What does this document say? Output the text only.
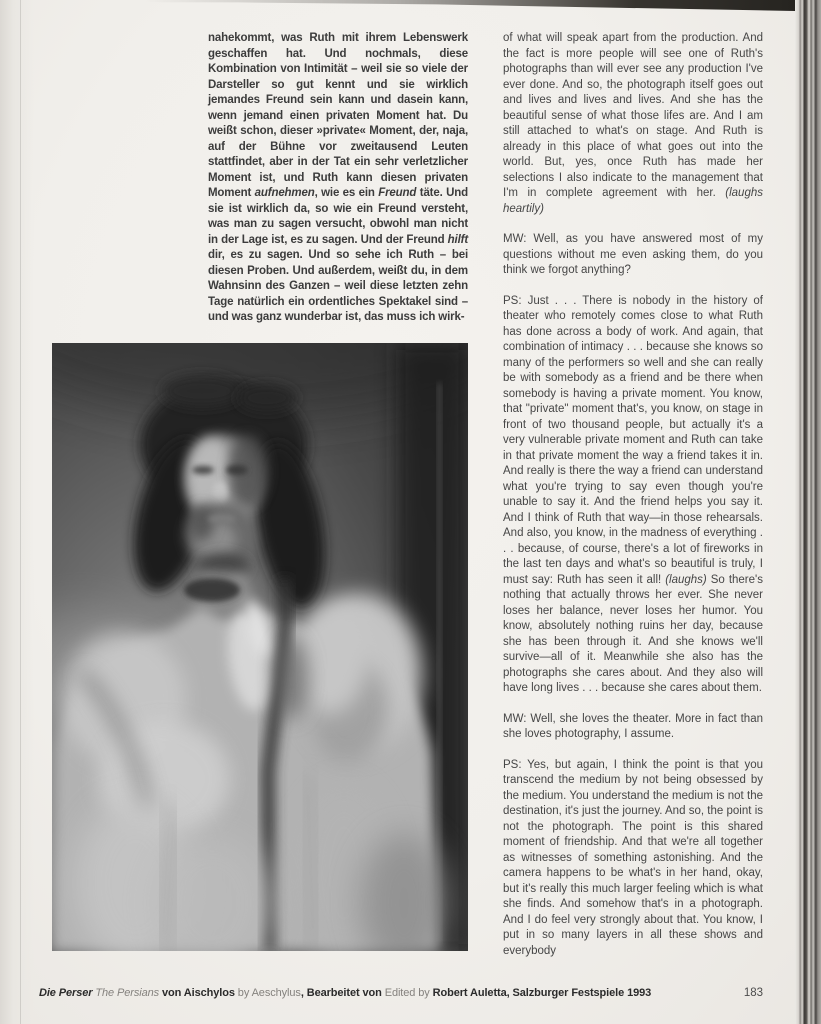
nahekommt, was Ruth mit ihrem Lebenswerk geschaffen hat. Und nochmals, diese Kombination von Intimität – weil sie so viele der Darsteller so gut kennt und sie wirklich jemandes Freund sein kann und dasein kann, wenn jemand einen privaten Moment hat. Du weißt schon, dieser »private« Moment, der, naja, auf der Bühne vor zweitausend Leuten stattfindet, aber in der Tat ein sehr verletzlicher Moment ist, und Ruth kann diesen privaten Moment aufnehmen, wie es ein Freund täte. Und sie ist wirklich da, so wie ein Freund versteht, was man zu sagen versucht, obwohl man nicht in der Lage ist, es zu sagen. Und der Freund hilft dir, es zu sagen. Und so sehe ich Ruth – bei diesen Proben. Und außerdem, weißt du, in dem Wahnsinn des Ganzen – weil diese letzten zehn Tage natürlich ein ordentliches Spektakel sind – und was ganz wunderbar ist, das muss ich wirk-

of what will speak apart from the production. And the fact is more people will see one of Ruth's photographs than will ever see any production I've ever done. And so, the photograph itself goes out and lives and lives and lives. And she has the beautiful sense of what those lifes are. And I am still attached to what's on stage. And Ruth is already in this place of what goes out into the world. But, yes, once Ruth has made her selections I also indicate to the management that I'm in complete agreement with her. (laughs heartily)

MW: Well, as you have answered most of my questions without me even asking them, do you think we forgot anything?

PS: Just . . . There is nobody in the history of theater who remotely comes close to what Ruth has done across a body of work. And again, that combination of intimacy . . . because she knows so many of the performers so well and she can really be with somebody as a friend and be there when somebody is having a private moment. You know, that "private" moment that's, you know, on stage in front of two thousand people, but actually it's a very vulnerable private moment and Ruth can take in that private moment the way a friend takes it in. And really is there the way a friend can understand what you're trying to say even though you're unable to say it. And the friend helps you say it. And I think of Ruth that way—in those rehearsals. And also, you know, in the madness of everything . . . because, of course, there's a lot of fireworks in the last ten days and what's so beautiful is truly, I must say: Ruth has seen it all! (laughs) So there's nothing that actually throws her ever. She never loses her balance, never loses her humor. You know, absolutely nothing ruins her day, because she has been through it. And she knows we'll survive—all of it. Meanwhile she also has the photographs she cares about. And they also will have long lives . . . because she cares about them.

MW: Well, she loves the theater. More in fact than she loves photography, I assume.

PS: Yes, but again, I think the point is that you transcend the medium by not being obsessed by the medium. You understand the medium is not the destination, it's just the journey. And so, the point is not the photograph. The point is this shared moment of friendship. And that we're all together as witnesses of something astonishing. And the camera happens to be what's in her hand, okay, but it's really this much larger feeling which is what she finds. And somehow that's in a photograph. And I do feel very strongly about that. You know, I put in so many layers in all these shows and everybody

Die Perser The Persians von Aischylos by Aeschylus, Bearbeitet von Edited by Robert Auletta, Salzburger Festspiele 1993	183
